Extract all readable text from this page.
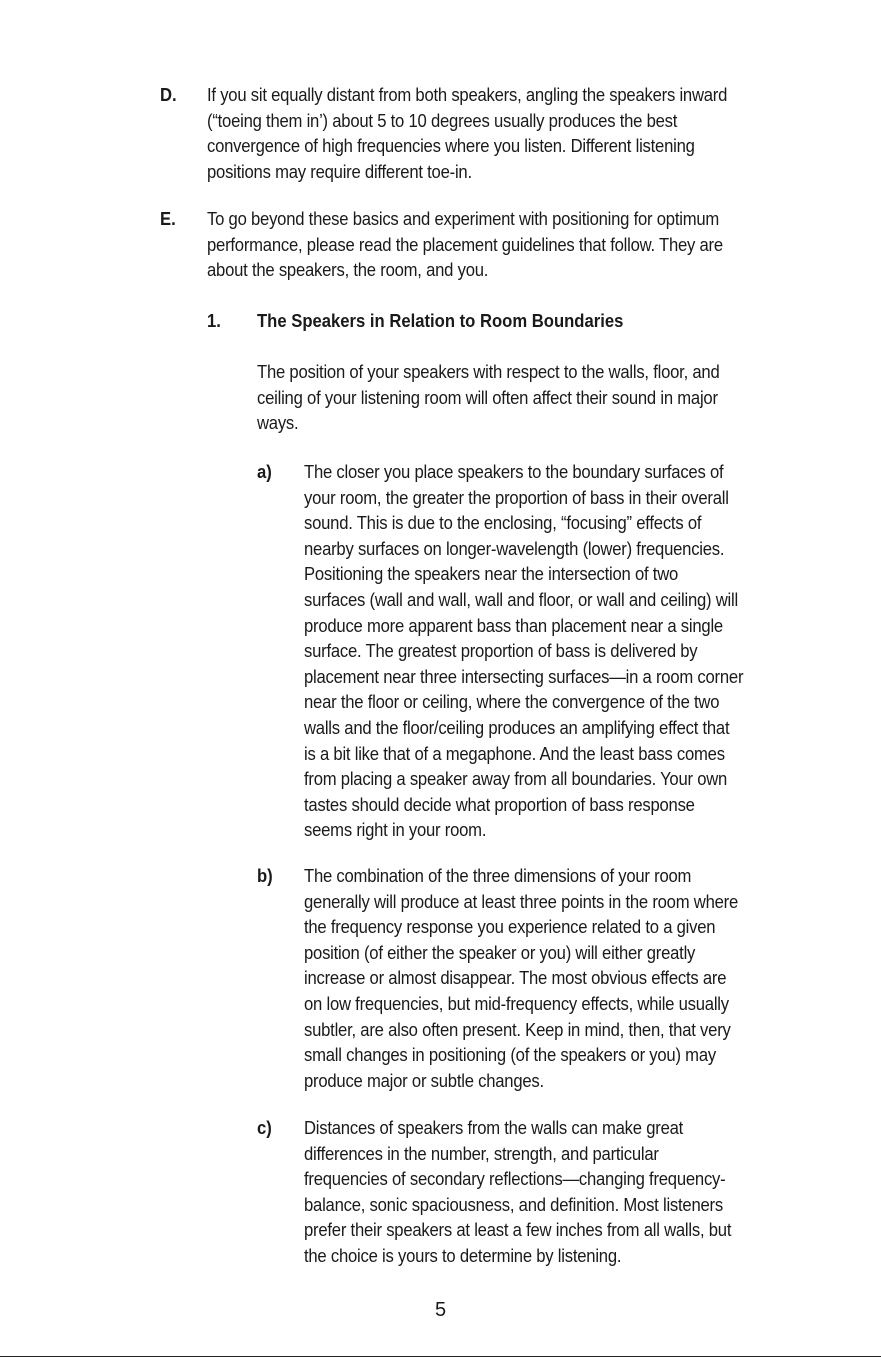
D. If you sit equally distant from both speakers, angling the speakers inward
(“toeing them in’) about 5 to 10 degrees usually produces the best
convergence of high frequencies where you listen. Different listening
positions may require different toe-in.
E. To go beyond these basics and experiment with positioning for optimum
performance, please read the placement guidelines that follow. They are
about the speakers, the room, and you.
1. The Speakers in Relation to Room Boundaries
The position of your speakers with respect to the walls, floor, and
ceiling of your listening room will often affect their sound in major
ways.
a) The closer you place speakers to the boundary surfaces of
your room, the greater the proportion of bass in their overall
sound. This is due to the enclosing, “focusing” effects of
nearby surfaces on longer-wavelength (lower) frequencies.
Positioning the speakers near the intersection of two
surfaces (wall and wall, wall and floor, or wall and ceiling) will
produce more apparent bass than placement near a single
surface. The greatest proportion of bass is delivered by
placement near three intersecting surfaces—in a room corner
near the floor or ceiling, where the convergence of the two
walls and the floor/ceiling produces an amplifying effect that
is a bit like that of a megaphone. And the least bass comes
from placing a speaker away from all boundaries. Your own
tastes should decide what proportion of bass response
seems right in your room.
b) The combination of the three dimensions of your room
generally will produce at least three points in the room where
the frequency response you experience related to a given
position (of either the speaker or you) will either greatly
increase or almost disappear. The most obvious effects are
on low frequencies, but mid-frequency effects, while usually
subtler, are also often present. Keep in mind, then, that very
small changes in positioning (of the speakers or you) may
produce major or subtle changes.
c) Distances of speakers from the walls can make great
differences in the number, strength, and particular
frequencies of secondary reflections—changing frequency-
balance, sonic spaciousness, and definition. Most listeners
prefer their speakers at least a few inches from all walls, but
the choice is yours to determine by listening.
5
